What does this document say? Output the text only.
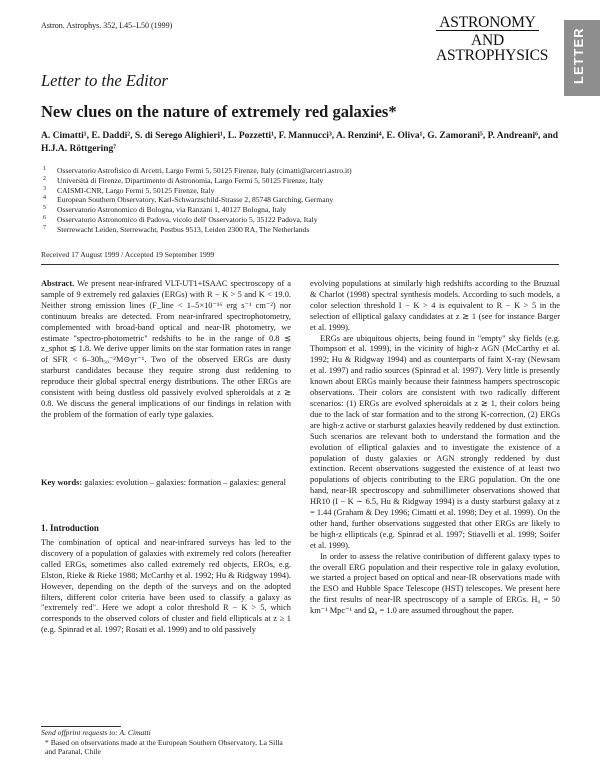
Astron. Astrophys. 352, L45–L50 (1999)	ASTRONOMY
AND
ASTROPHYSICS LETTER
Letter to the Editor
New clues on the nature of extremely red galaxies*
A. Cimatti¹, E. Daddi², S. di Serego Alighieri¹, L. Pozzetti¹, F. Mannucci³, A. Renzini⁴, E. Oliva¹, G. Zamorani⁵, P. Andreani⁶, and H.J.A. Röttgering⁷
1 Osservatorio Astrofisico di Arcetri, Largo Fermi 5, 50125 Firenze, Italy (cimatti@arcetri.astro.it)
2 Università di Firenze, Dipartimento di Astronomia, Largo Fermi 5, 50125 Firenze, Italy
3 CAISMI-CNR, Largo Fermi 5, 50125 Firenze, Italy
4 European Southern Observatory, Karl-Schwarzschild-Strasse 2, 85748 Garching, Germany
5 Osservatorio Astronomico di Bologna, via Ranzani 1, 40127 Bologna, Italy
6 Osservatorio Astronomico di Padova, vicolo dell' Osservatorio 5, 35122 Padova, Italy
7 Sterrewacht Leiden, Sterrewacht, Postbus 9513, Leiden 2300 RA, The Netherlands
Received 17 August 1999 / Accepted 19 September 1999

Abstract. We present near-infrared VLT-UT1+ISAAC spectroscopy of a sample of 9 extremely red galaxies (ERGs) with R − K > 5 and K < 19.0. Neither strong emission lines (F_line < 1–5×10⁻¹⁶ erg s⁻¹ cm⁻²) nor continuum breaks are detected. From near-infrared spectrophotometry, complemented with broad-band optical and near-IR photometry, we estimate "spectro-photometric" redshifts to be in the range of 0.8 ≲ z_sphot ≲ 1.8. We derive upper limits on the star formation rates in range of SFR < 6–30h₅₀⁻²M⊙yr⁻¹. Two of the observed ERGs are dusty starburst candidates because they require strong dust reddening to reproduce their global spectral energy distributions. The other ERGs are consistent with being dustless old passively evolved spheroidals at z ≳ 0.8. We discuss the general implications of our findings in relation with the problem of the formation of early type galaxies.

Key words: galaxies: evolution – galaxies: formation – galaxies: general

1. Introduction

The combination of optical and near-infrared surveys has led to the discovery of a population of galaxies with extremely red colors (hereafter called ERGs, sometimes also called extremely red objects, EROs, e.g. Elston, Rieke & Rieke 1988; McCarthy et al. 1992; Hu & Ridgway 1994). However, depending on the depth of the surveys and on the adopted filters, different color criteria have been used to classify a galaxy as "extremely red". Here we adopt a color threshold R − K > 5, which corresponds to the observed colors of cluster and field ellipticals at z ≥ 1 (e.g. Spinrad et al. 1997; Rosati et al. 1999) and to old passively

evolving populations at similarly high redshifts according to the Bruzual & Charlot (1998) spectral synthesis models. According to such models, a color selection threshold I − K > 4 is equivalent to R − K > 5 in the selection of elliptical galaxy candidates at z ≳ 1 (see for instance Barger et al. 1999).

ERGs are ubiquitous objects, being found in "empty" sky fields (e.g. Thompson et al. 1999), in the vicinity of high-z AGN (McCarthy et al. 1992; Hu & Ridgway 1994) and as counterparts of faint X-ray (Newsam et al. 1997) and radio sources (Spinrad et al. 1997). Very little is presently known about ERGs mainly because their faintness hampers spectroscopic observations. Their colors are consistent with two radically different scenarios: (1) ERGs are evolved spheroidals at z ≳ 1, their colors being due to the lack of star formation and to the strong K-correction, (2) ERGs are high-z active or starburst galaxies heavily reddened by dust extinction. Such scenarios are relevant both to understand the formation and the evolution of elliptical galaxies and to investigate the existence of a population of dusty galaxies or AGN strongly reddened by dust extinction. Recent observations suggested the existence of at least two populations of objects contributing to the ERG population. On the one hand, near-IR spectroscopy and submillimeter observations showed that HR10 (I − K ∼ 6.5, Hu & Ridgway 1994) is a dusty starburst galaxy at z = 1.44 (Graham & Dey 1996; Cimatti et al. 1998; Dey et al. 1999). On the other hand, further observations suggested that other ERGs are likely to be high-z ellipticals (e.g. Spinrad et al. 1997; Stiavelli et al. 1999; Soifer et al. 1999).

In order to assess the relative contribution of different galaxy types to the overall ERG population and their respective role in galaxy evolution, we started a project based on optical and near-IR observations made with the ESO and Hubble Space Telescope (HST) telescopes. We present here the first results of near-IR spectroscopy of a sample of ERGs. H₀ = 50 km⁻¹ Mpc⁻¹ and Ω₀ = 1.0 are assumed throughout the paper.

Send offprint requests to: A. Cimatti

* Based on observations made at the European Southern Observatory, La Silla and Paranal, Chile
